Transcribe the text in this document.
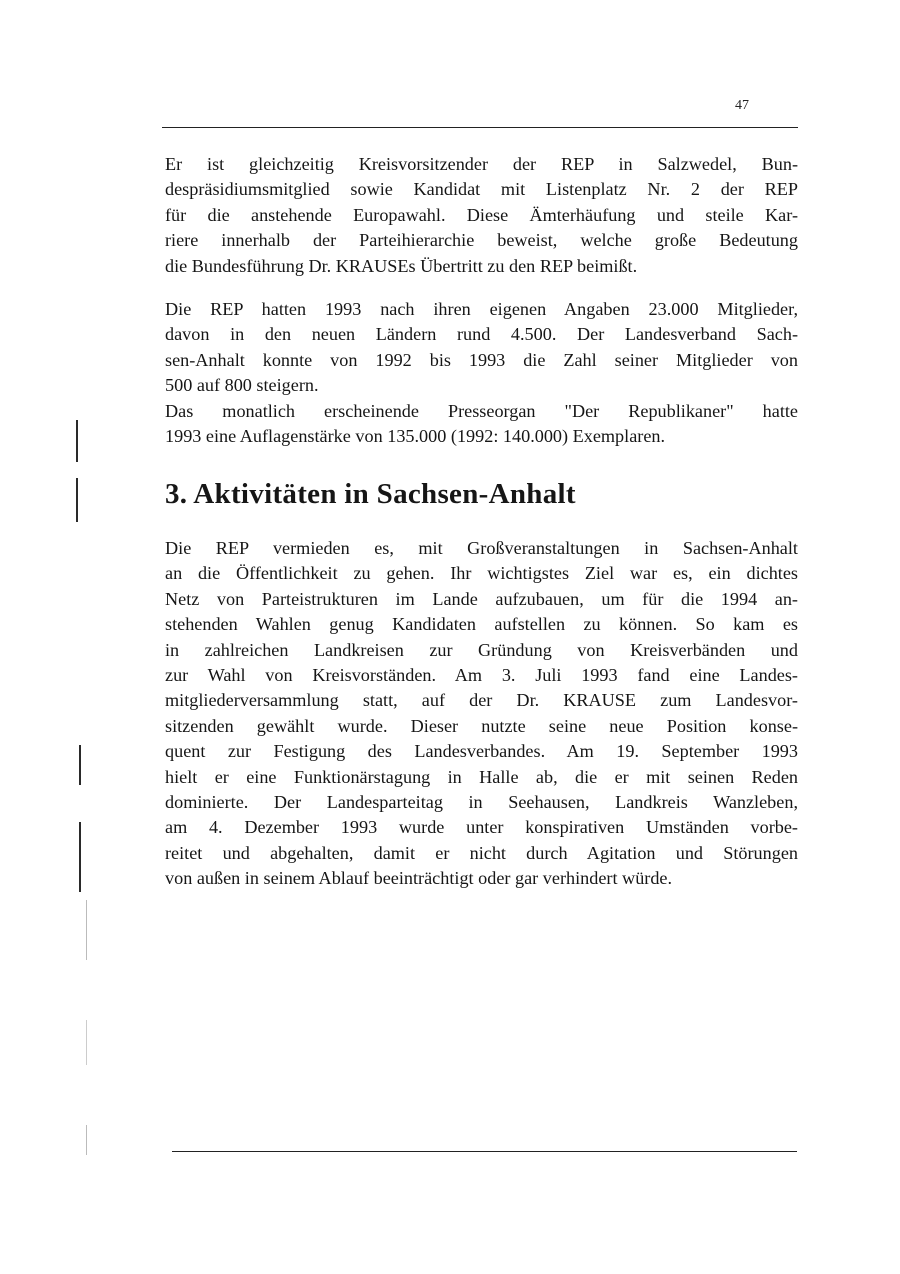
47
Er ist gleichzeitig Kreisvorsitzender der REP in Salzwedel, Bun-
despräsidiumsmitglied sowie Kandidat mit Listenplatz Nr. 2 der REP
für die anstehende Europawahl. Diese Ämterhäufung und steile Kar-
riere innerhalb der Parteihierarchie beweist, welche große Bedeutung
die Bundesführung Dr. KRAUSEs Übertritt zu den REP beimißt.
Die REP hatten 1993 nach ihren eigenen Angaben 23.000 Mitglieder,
davon in den neuen Ländern rund 4.500. Der Landesverband Sach-
sen-Anhalt konnte von 1992 bis 1993 die Zahl seiner Mitglieder von
500 auf 800 steigern.
Das monatlich erscheinende Presseorgan "Der Republikaner" hatte
1993 eine Auflagenstärke von 135.000 (1992: 140.000) Exemplaren.
3. Aktivitäten in Sachsen-Anhalt
Die REP vermieden es, mit Großveranstaltungen in Sachsen-Anhalt
an die Öffentlichkeit zu gehen. Ihr wichtigstes Ziel war es, ein dichtes
Netz von Parteistrukturen im Lande aufzubauen, um für die 1994 an-
stehenden Wahlen genug Kandidaten aufstellen zu können. So kam es
in zahlreichen Landkreisen zur Gründung von Kreisverbänden und
zur Wahl von Kreisvorständen. Am 3. Juli 1993 fand eine Landes-
mitgliederversammlung statt, auf der Dr. KRAUSE zum Landesvor-
sitzenden gewählt wurde. Dieser nutzte seine neue Position konse-
quent zur Festigung des Landesverbandes. Am 19. September 1993
hielt er eine Funktionärstagung in Halle ab, die er mit seinen Reden
dominierte. Der Landesparteitag in Seehausen, Landkreis Wanzleben,
am 4. Dezember 1993 wurde unter konspirativen Umständen vorbe-
reitet und abgehalten, damit er nicht durch Agitation und Störungen
von außen in seinem Ablauf beeinträchtigt oder gar verhindert würde.
